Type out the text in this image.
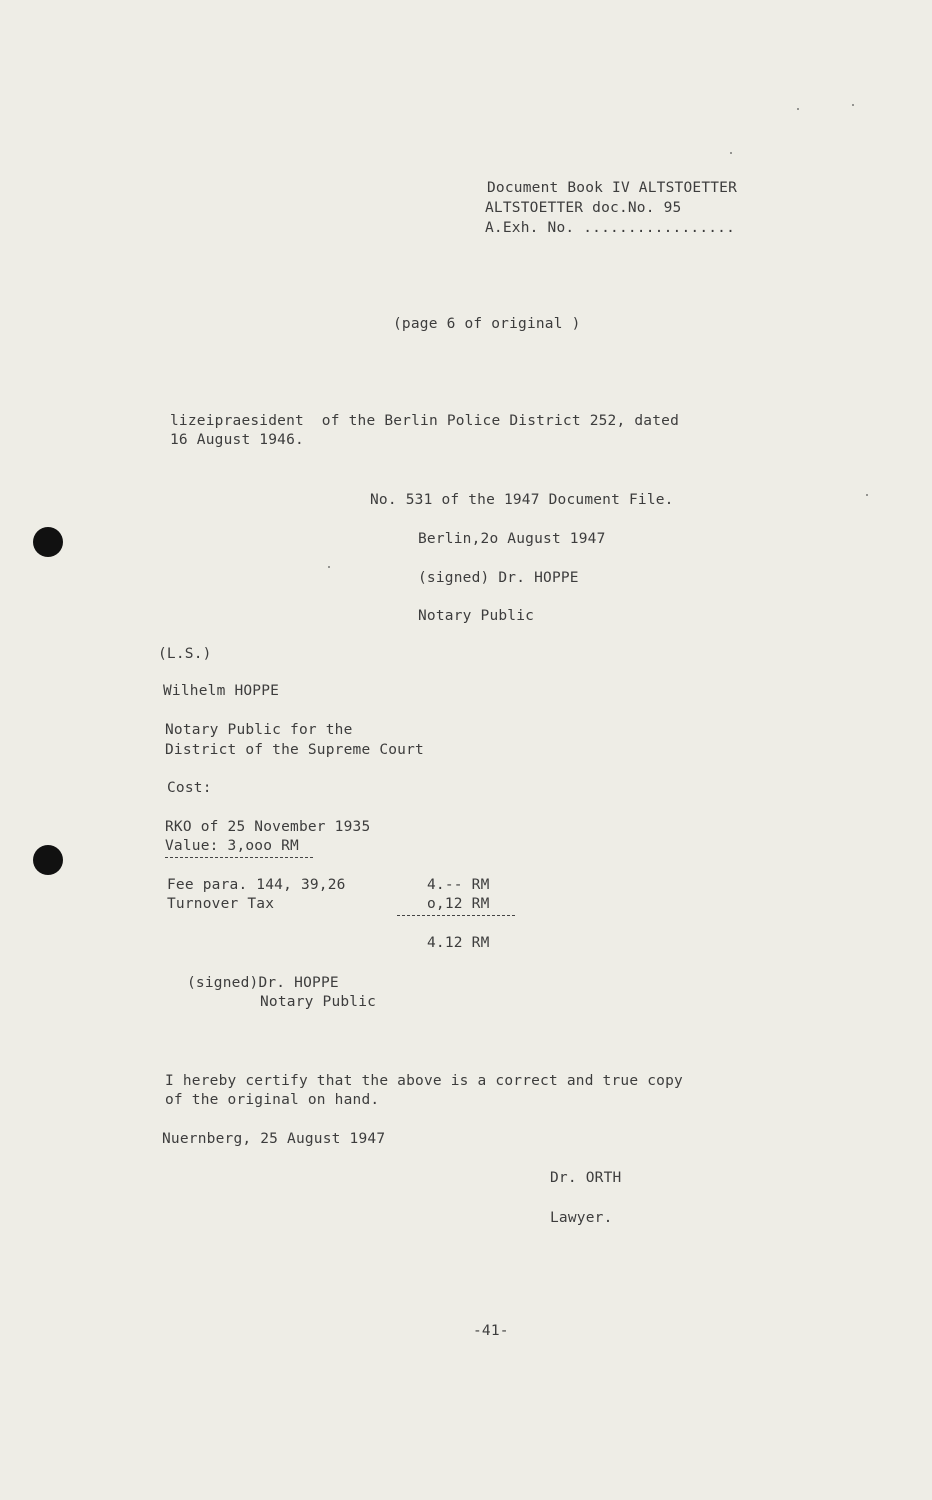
Document Book IV ALTSTOETTER
ALTSTOETTER doc.No. 95
A.Exh. No. .................
(page 6 of original )
lizeipraesident  of the Berlin Police District 252, dated
16 August 1946.
No. 531 of the 1947 Document File.
Berlin,2o August 1947
(signed) Dr. HOPPE
Notary Public
(L.S.)
Wilhelm HOPPE
Notary Public for the
District of the Supreme Court
Cost:
RKO of 25 November 1935
Value: 3,ooo RM
Fee para. 144, 39,26	4.-- RM
Turnover Tax	o,12 RM
4.12 RM
(signed)Dr. HOPPE
Notary Public
I hereby certify that the above is a correct and true copy
of the original on hand.
Nuernberg, 25 August 1947
Dr. ORTH
Lawyer.
-41-
